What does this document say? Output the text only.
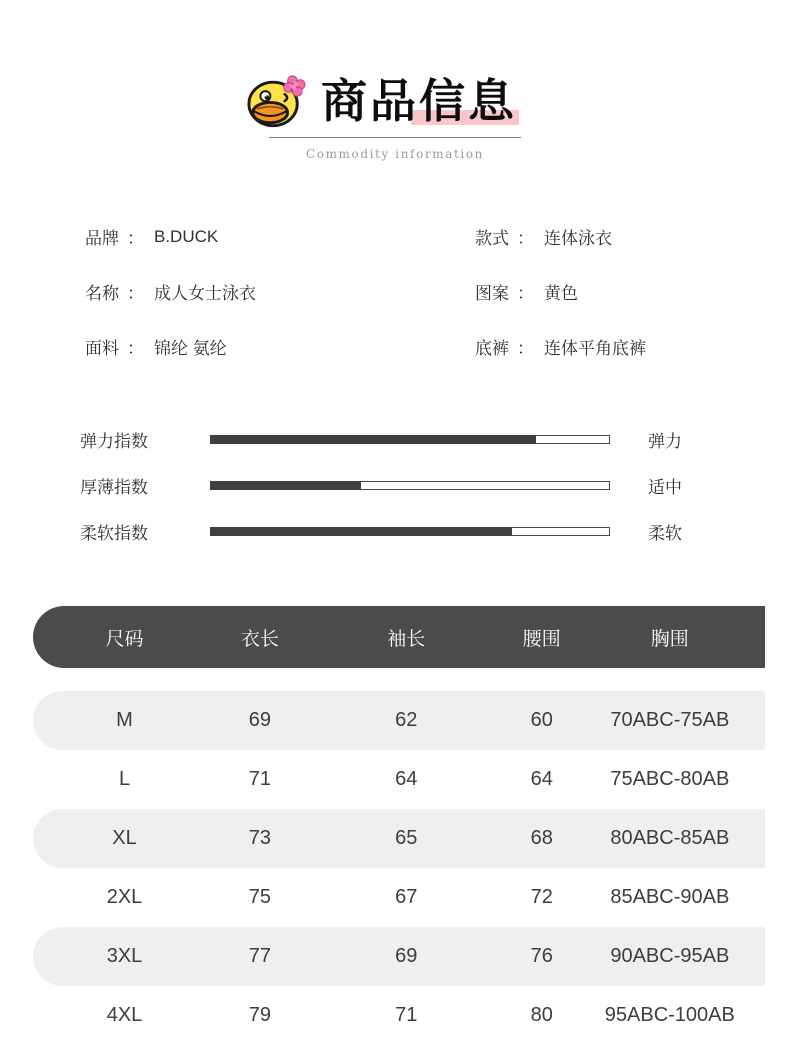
商品信息
Commodity information
品牌 ： B.DUCK
名称 ： 成人女士泳衣
面料 ： 锦纶 氨纶
款式 ： 连体泳衣
图案 ： 黄色
底裤 ： 连体平角底裤
弹力指数	弹力
厚薄指数	适中
柔软指数	柔软
尺码	衣长	袖长	腰围	胸围
M	69	62	60	70ABC-75AB
L	71	64	64	75ABC-80AB
XL	73	65	68	80ABC-85AB
2XL	75	67	72	85ABC-90AB
3XL	77	69	76	90ABC-95AB
4XL	79	71	80	95ABC-100AB
